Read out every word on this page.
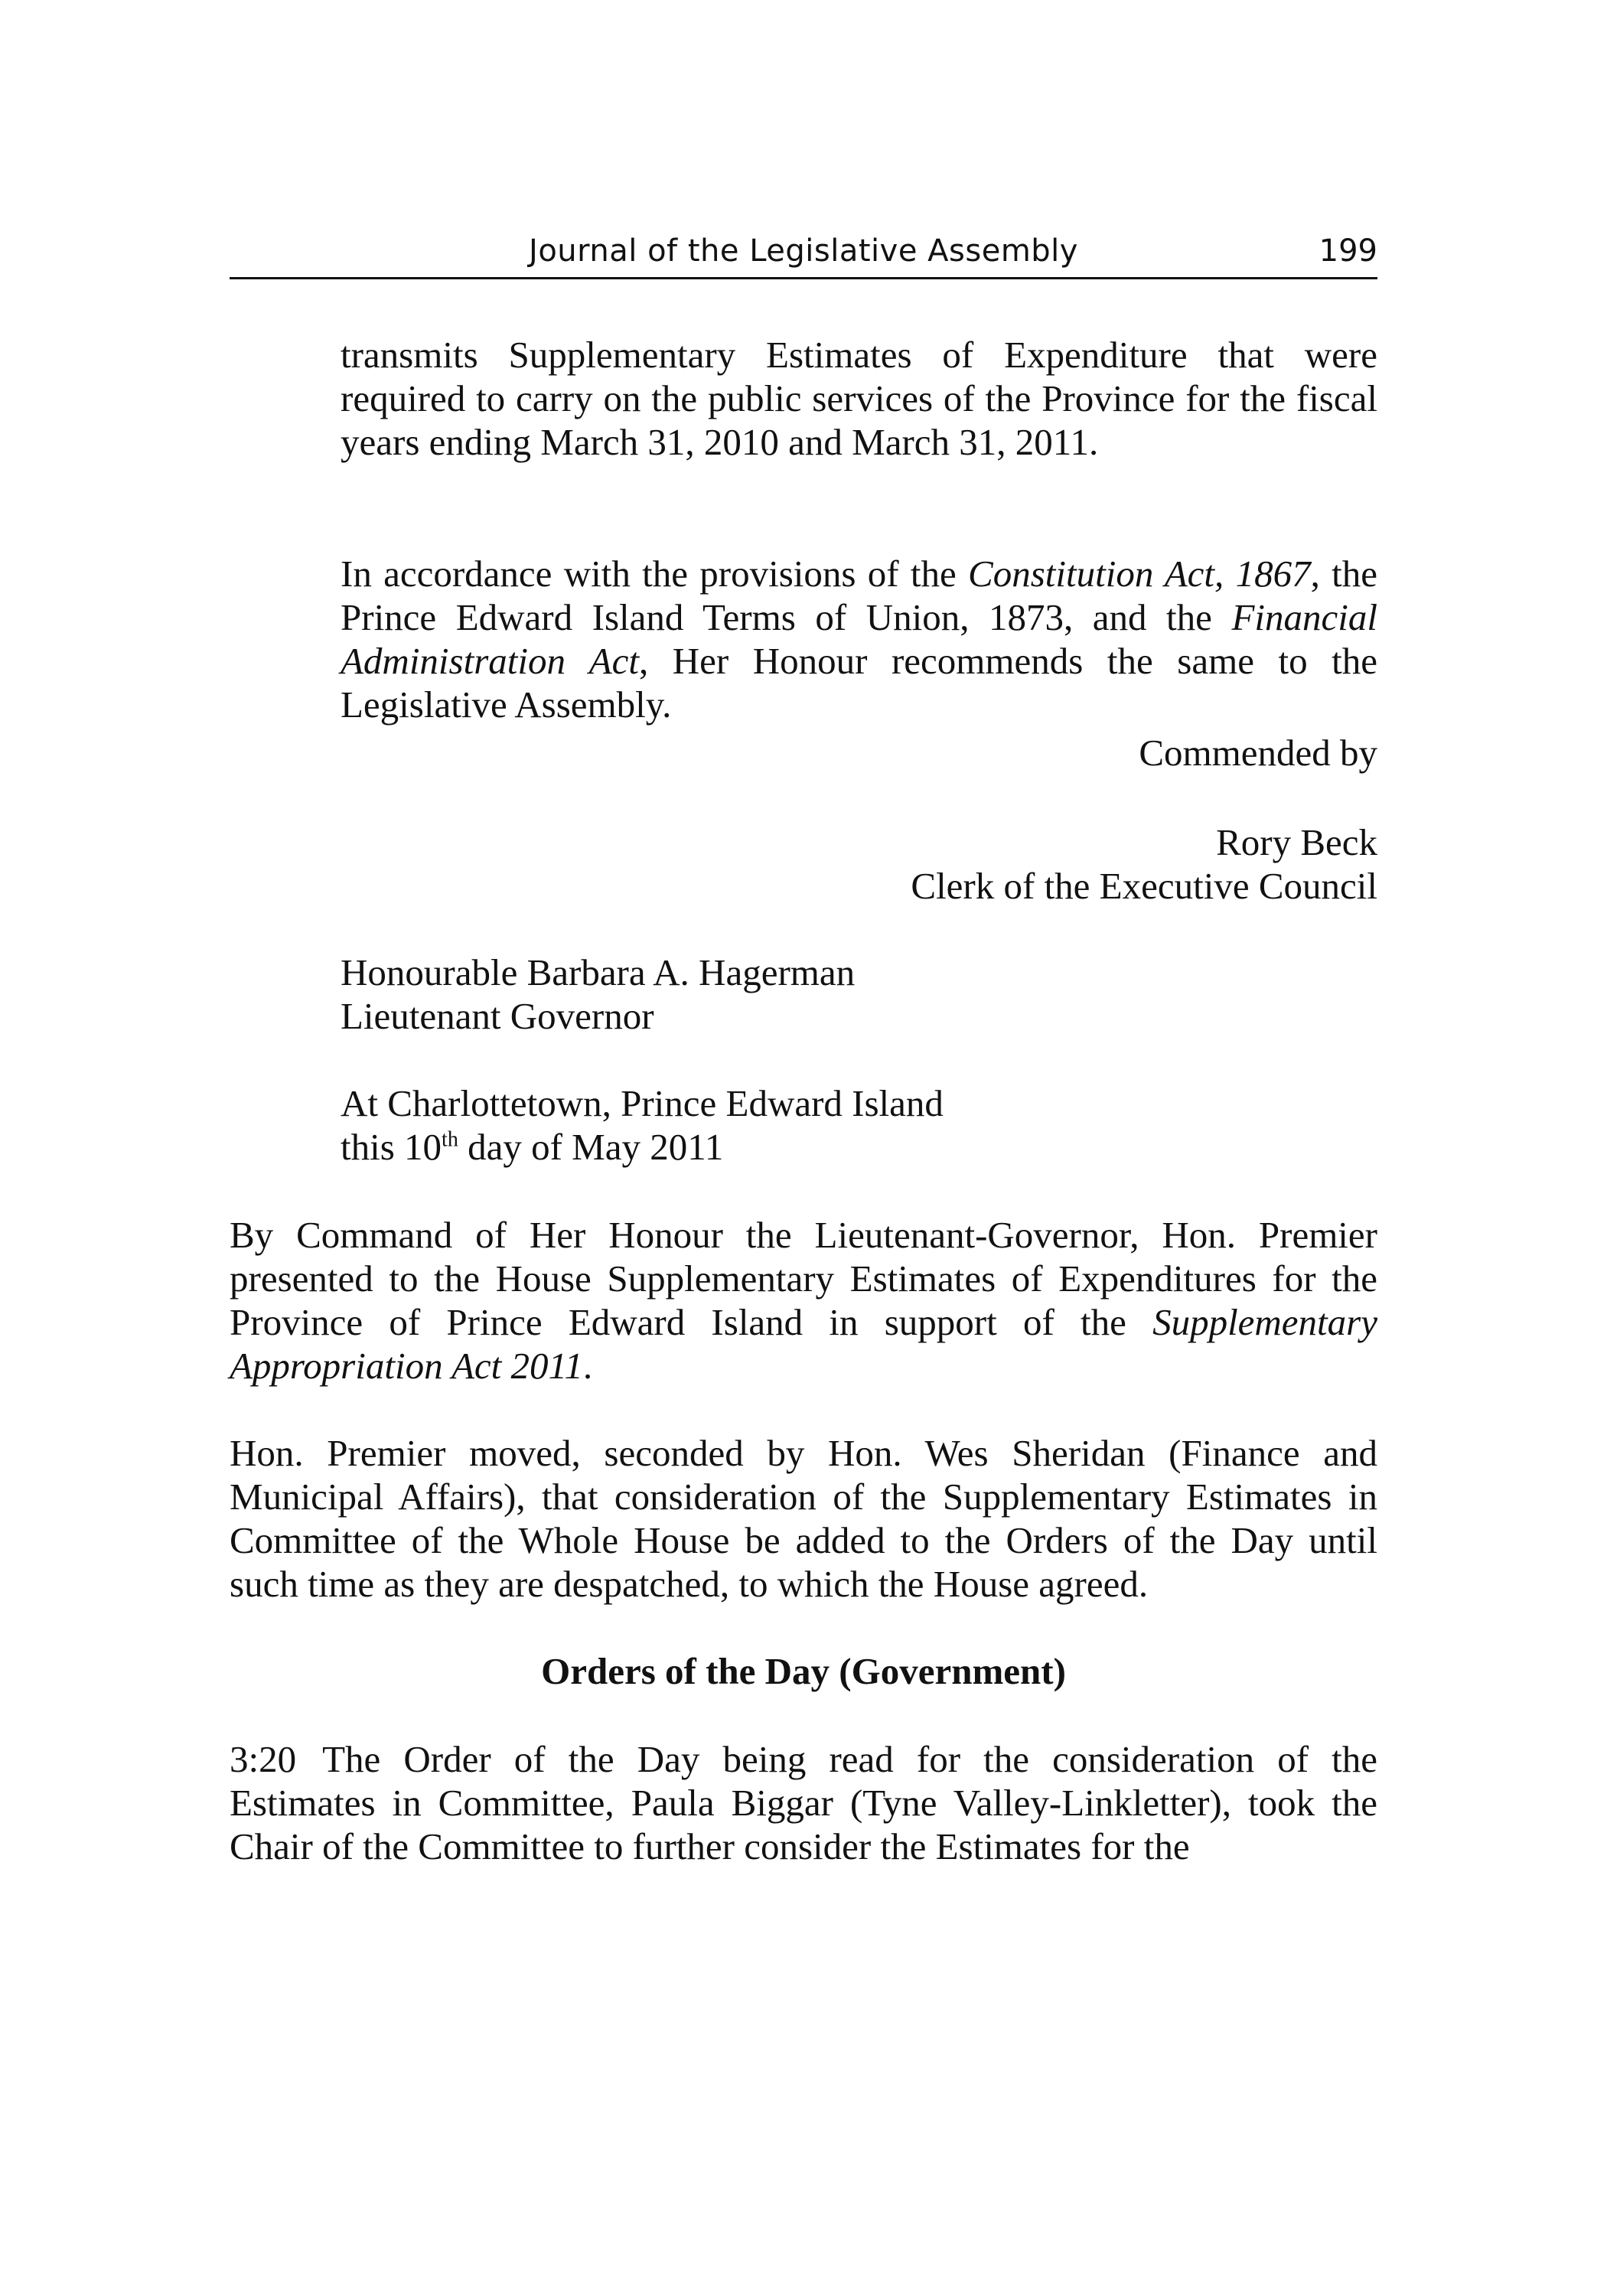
Journal of the Legislative Assembly	199

transmits Supplementary Estimates of Expenditure that were required to carry on the public services of the Province for the fiscal years ending March 31, 2010 and March 31, 2011.

In accordance with the provisions of the Constitution Act, 1867, the Prince Edward Island Terms of Union, 1873, and the Financial Administration Act, Her Honour recommends the same to the Legislative Assembly.

Commended by
Rory Beck
Clerk of the Executive Council
Honourable Barbara A. Hagerman
Lieutenant Governor
At Charlottetown, Prince Edward Island
this 10th day of May 2011

By Command of Her Honour the Lieutenant-Governor, Hon. Premier presented to the House Supplementary Estimates of Expenditures for the Province of Prince Edward Island in support of the Supplementary Appropriation Act 2011.

Hon. Premier moved, seconded by Hon. Wes Sheridan (Finance and Municipal Affairs), that consideration of the Supplementary Estimates in Committee of the Whole House be added to the Orders of the Day until such time as they are despatched, to which the House agreed.

Orders of the Day (Government)

3:20 The Order of the Day being read for the consideration of the Estimates in Committee, Paula Biggar (Tyne Valley-Linkletter), took the Chair of the Committee to further consider the Estimates for the
